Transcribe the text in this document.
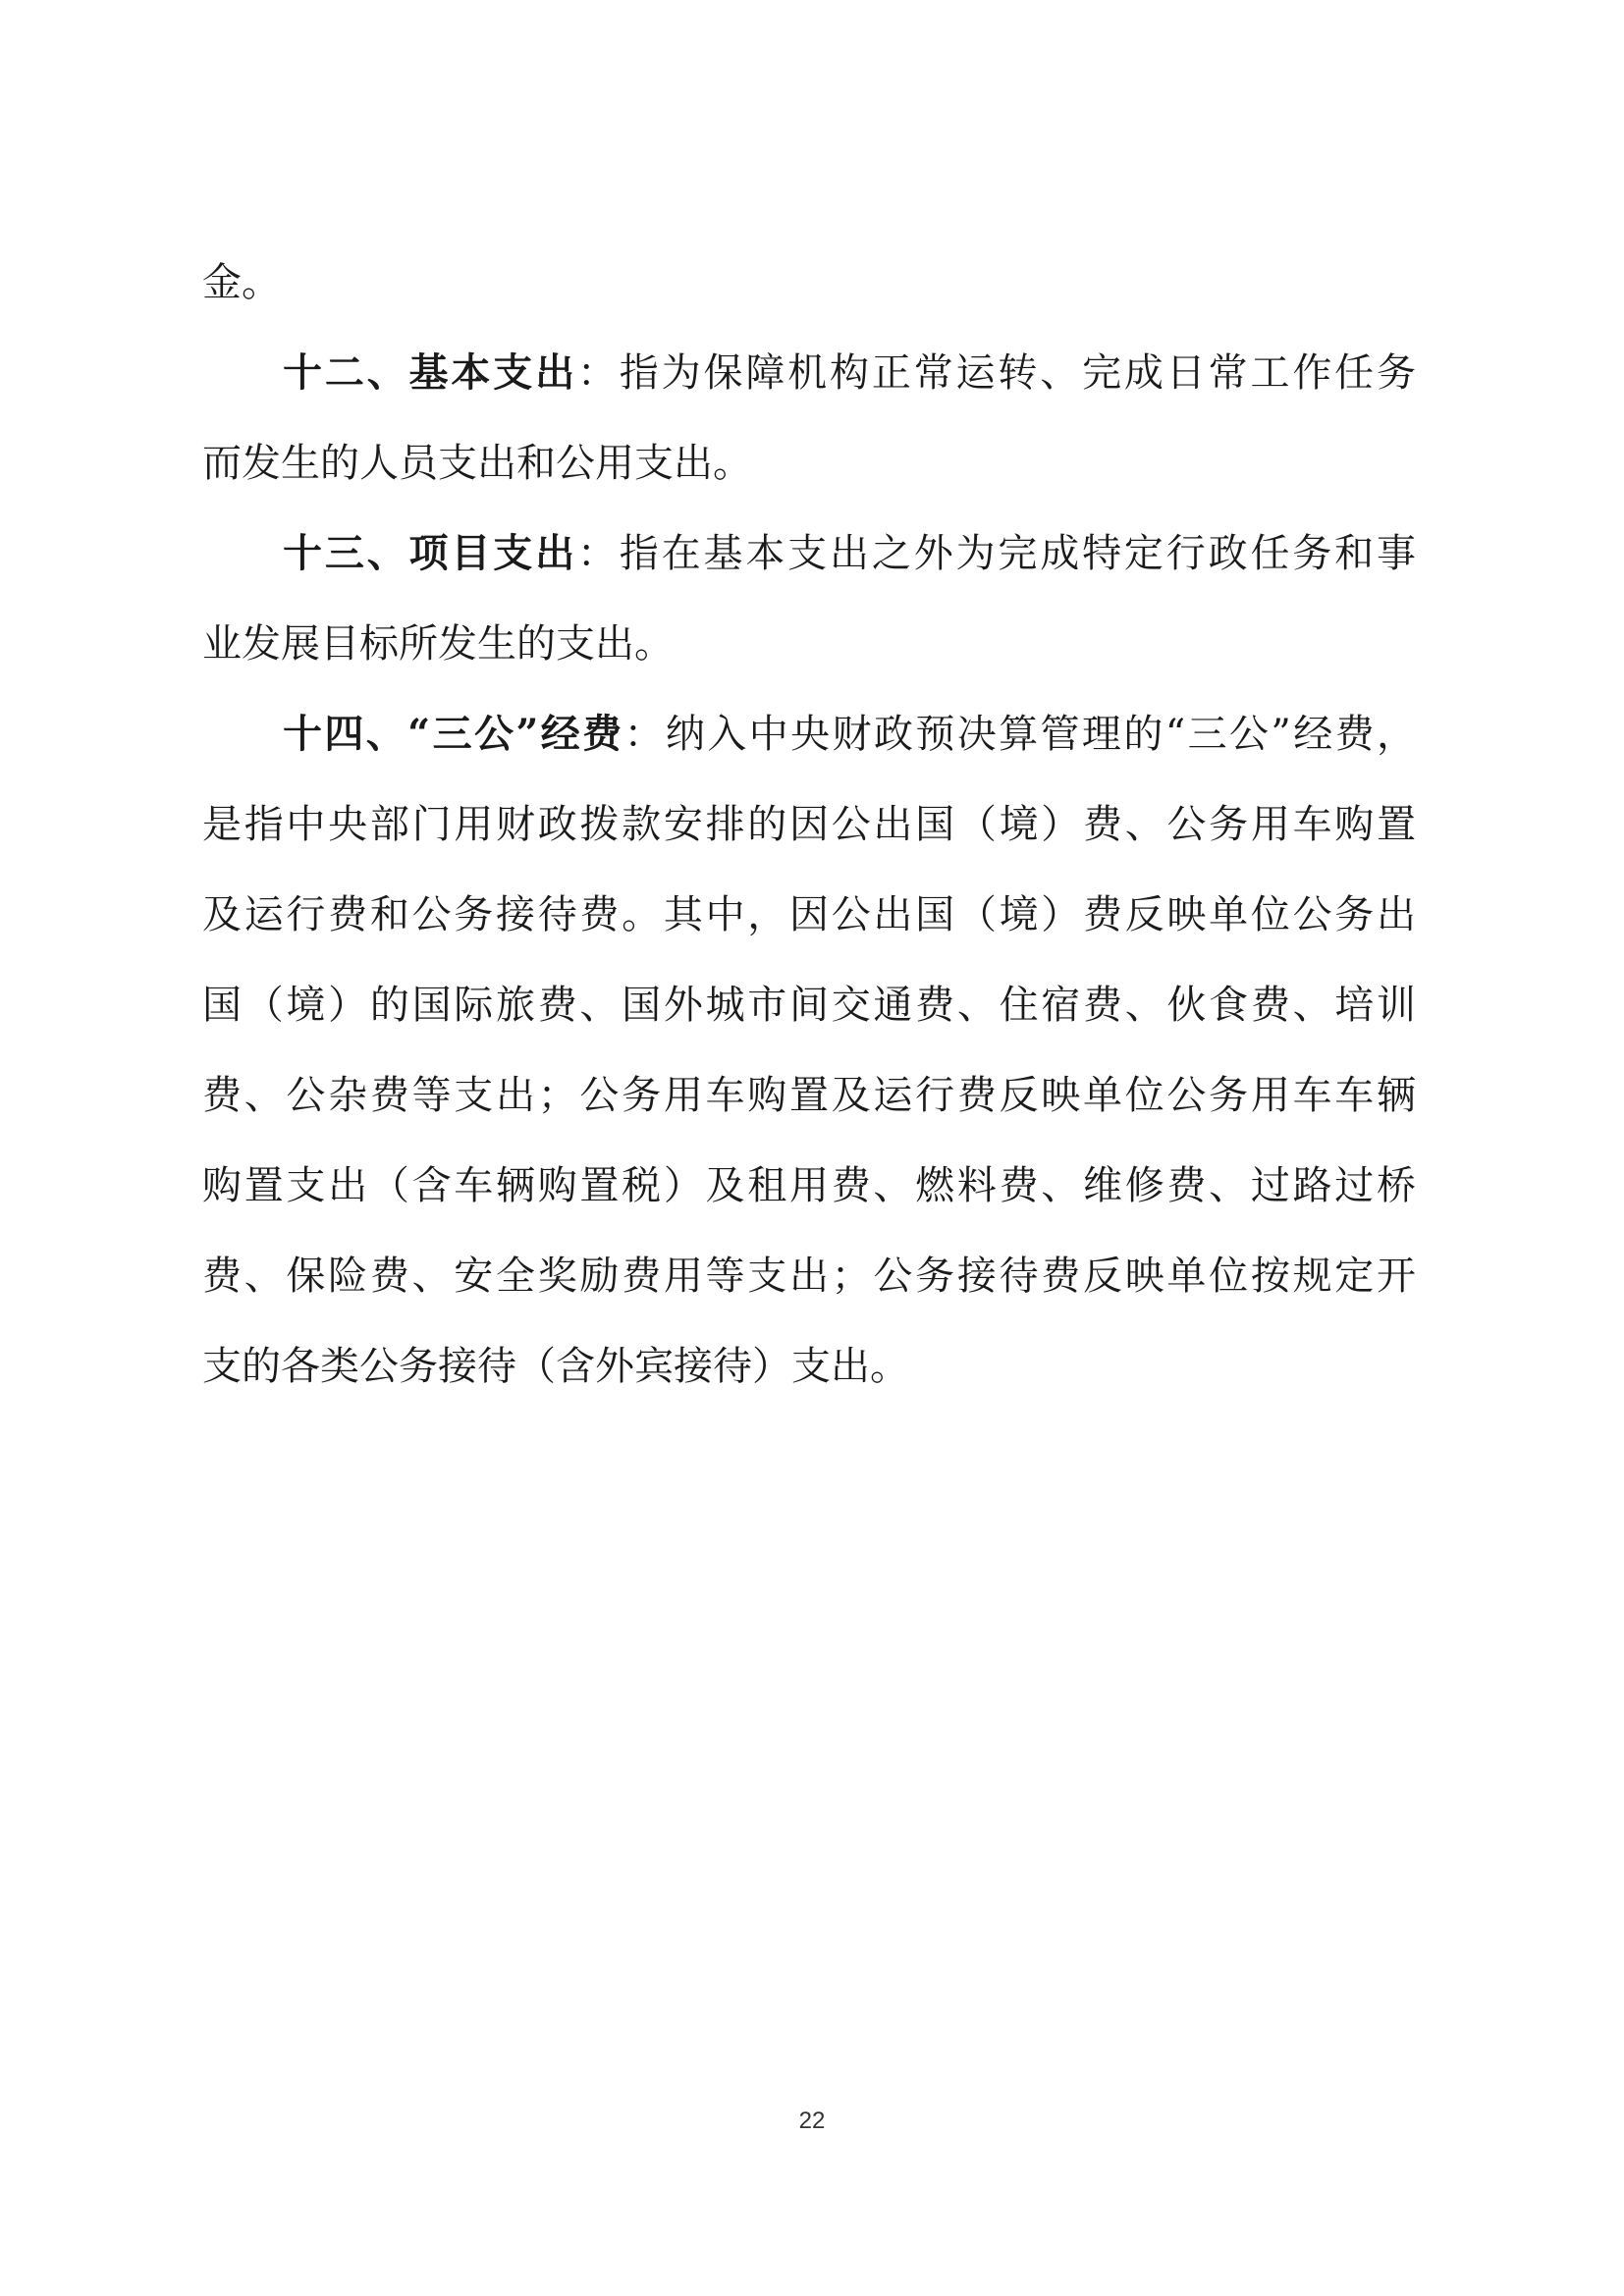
金。
十二、基本支出：指为保障机构正常运转、完成日常工作任务
而发生的人员支出和公用支出。
十三、项目支出：指在基本支出之外为完成特定行政任务和事
业发展目标所发生的支出。
十四、“三公”经费：纳入中央财政预决算管理的“三公”经费，
是指中央部门用财政拨款安排的因公出国（境）费、公务用车购置
及运行费和公务接待费。其中，因公出国（境）费反映单位公务出
国（境）的国际旅费、国外城市间交通费、住宿费、伙食费、培训
费、公杂费等支出；公务用车购置及运行费反映单位公务用车车辆
购置支出（含车辆购置税）及租用费、燃料费、维修费、过路过桥
费、保险费、安全奖励费用等支出；公务接待费反映单位按规定开
支的各类公务接待（含外宾接待）支出。
22
